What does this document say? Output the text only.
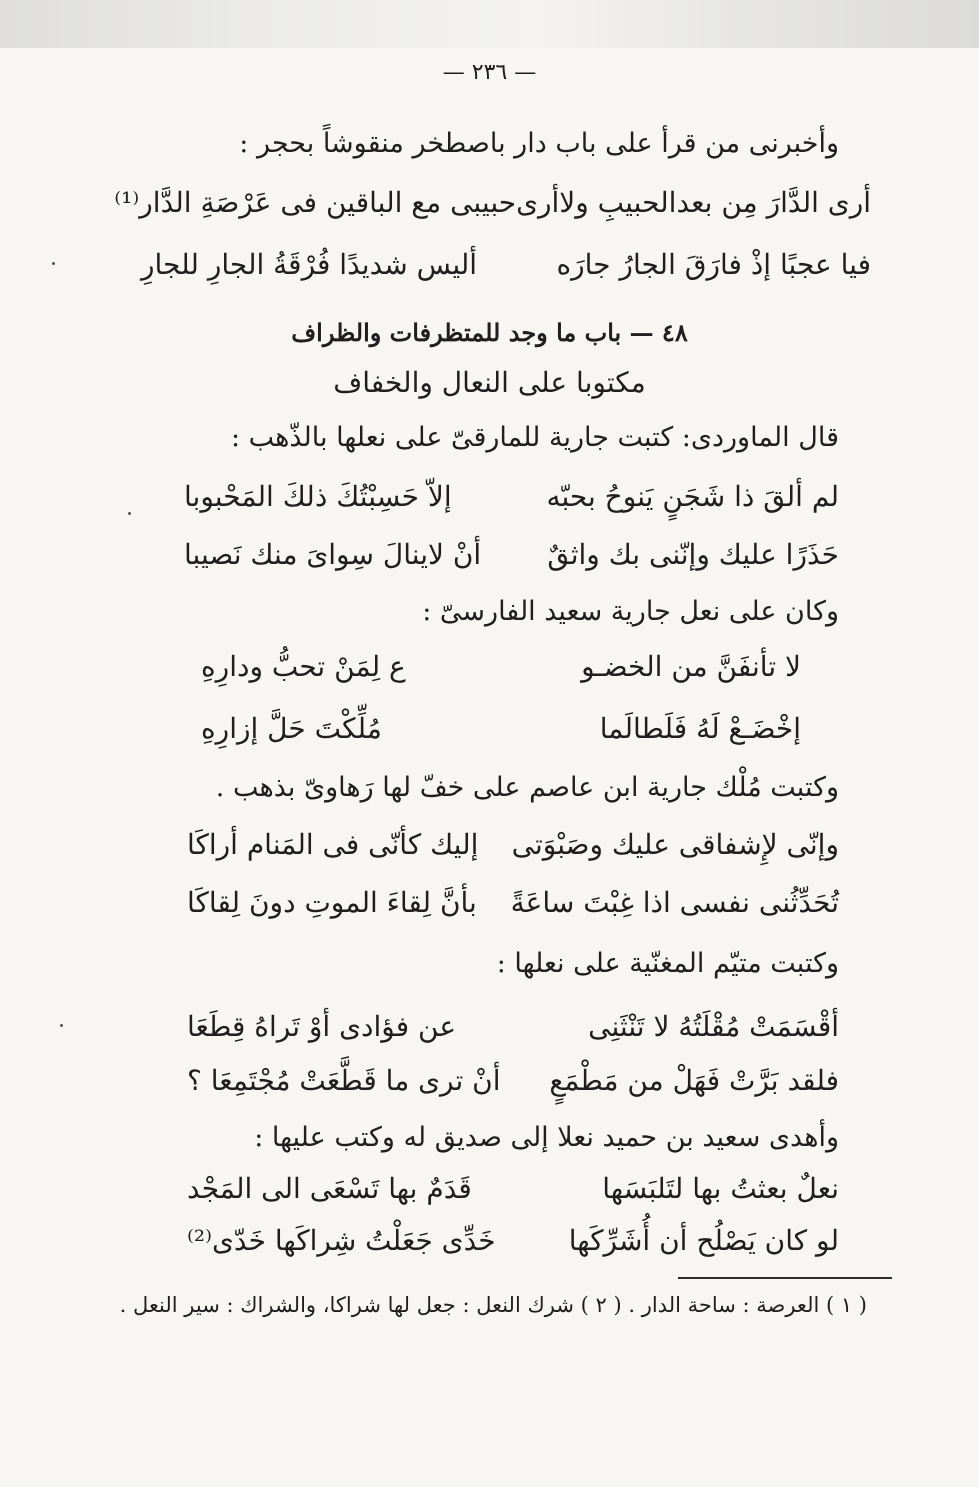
— ٢٣٦ —
وأخبرنى من قرأ على باب دار باصطخر منقوشاً بحجر :
أرى الدَّارَ مِن بعدالحبيبِ ولاأرى
حبيبى مع الباقين فى عَرْصَةِ الدَّار⁽¹⁾
فيا عجبًا إذْ فارَقَ الجارُ جارَه
أليس شديدًا فُرْقَةُ الجارِ للجارِ
٤٨ — باب ما وجد للمتظرفات والظراف
مكتوبا على النعال والخفاف
قال الماوردى: كتبت جارية للمارقىّ على نعلها بالذّهب :
لم ألقَ ذا شَجَنٍ يَنوحُ بحبّه
إلاّ حَسِبْتُكَ ذلكَ المَحْبوبا
حَذَرًا عليك وإنّنى بك واثقٌ
أنْ لاينالَ سِواىَ منك نَصيبا
وكان على نعل جارية سعيد الفارسىّ :
لا تأنفَنَّ من الخضـو
ع لِمَنْ تحبُّ ودارِهِ
إخْضَـعْ لَهُ فَلَطالَما
مُلِّكْتَ حَلَّ إزارِهِ
وكتبت مُلْك جارية ابن عاصم على خفّ لها رَهاوىّ بذهب .
وإنّى لإِشفاقى عليك وصَبْوَتى
إليك كأنّى فى المَنام أراكَا
تُحَدِّثُنى نفسى اذا غِبْتَ ساعَةً
بأنَّ لِقاءَ الموتِ دونَ لِقاكَا
وكتبت متيّم المغنّية على نعلها :
أقْسَمَتْ مُقْلَتُهُ لا تَنْثَنِى
عن فؤادى أوْ تَراهُ قِطَعَا
فلقد بَرَّتْ فَهَلْ من مَطْمَعٍ
أنْ ترى ما قَطَّعَتْ مُجْتَمِعَا ؟
وأهدى سعيد بن حميد نعلا إلى صديق له وكتب عليها :
نعلٌ بعثتُ بها لتَلبَسَها
قَدَمٌ بها تَسْعَى الى المَجْد
لو كان يَصْلُح أن أُشَرِّكَها
خَدِّى جَعَلْتُ شِراكَها خَدّى⁽²⁾
( ١ ) العرصة : ساحة الدار . ( ٢ ) شرك النعل : جعل لها شراكا، والشراك : سير النعل .
